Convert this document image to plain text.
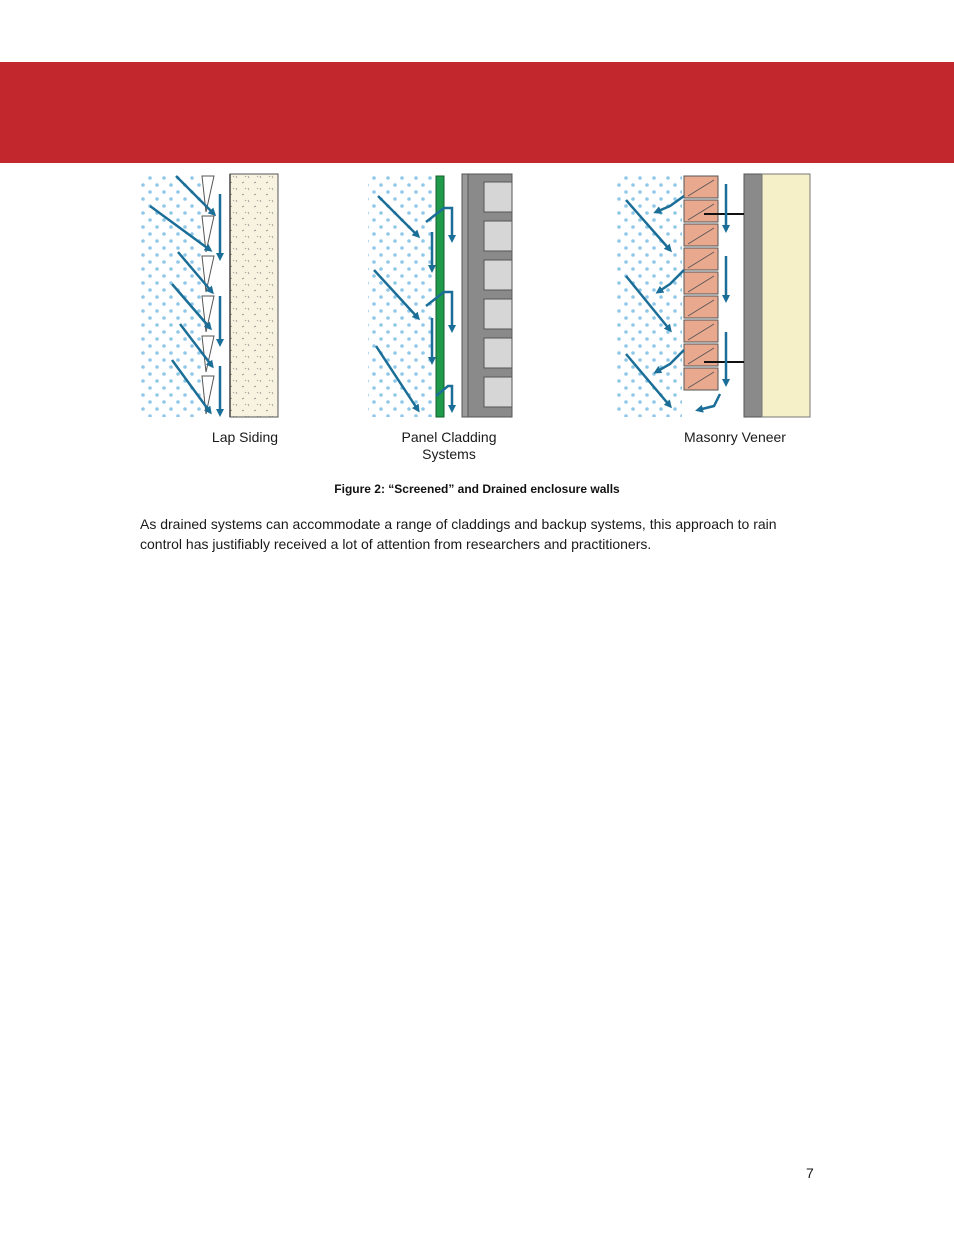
Lap Siding	Panel Cladding
Systems
Masonry Veneer
Figure 2: “Screened” and Drained enclosure walls
As drained systems can accommodate a range of claddings and backup systems, this approach to rain control has justifiably received a lot of attention from researchers and practitioners.
7
